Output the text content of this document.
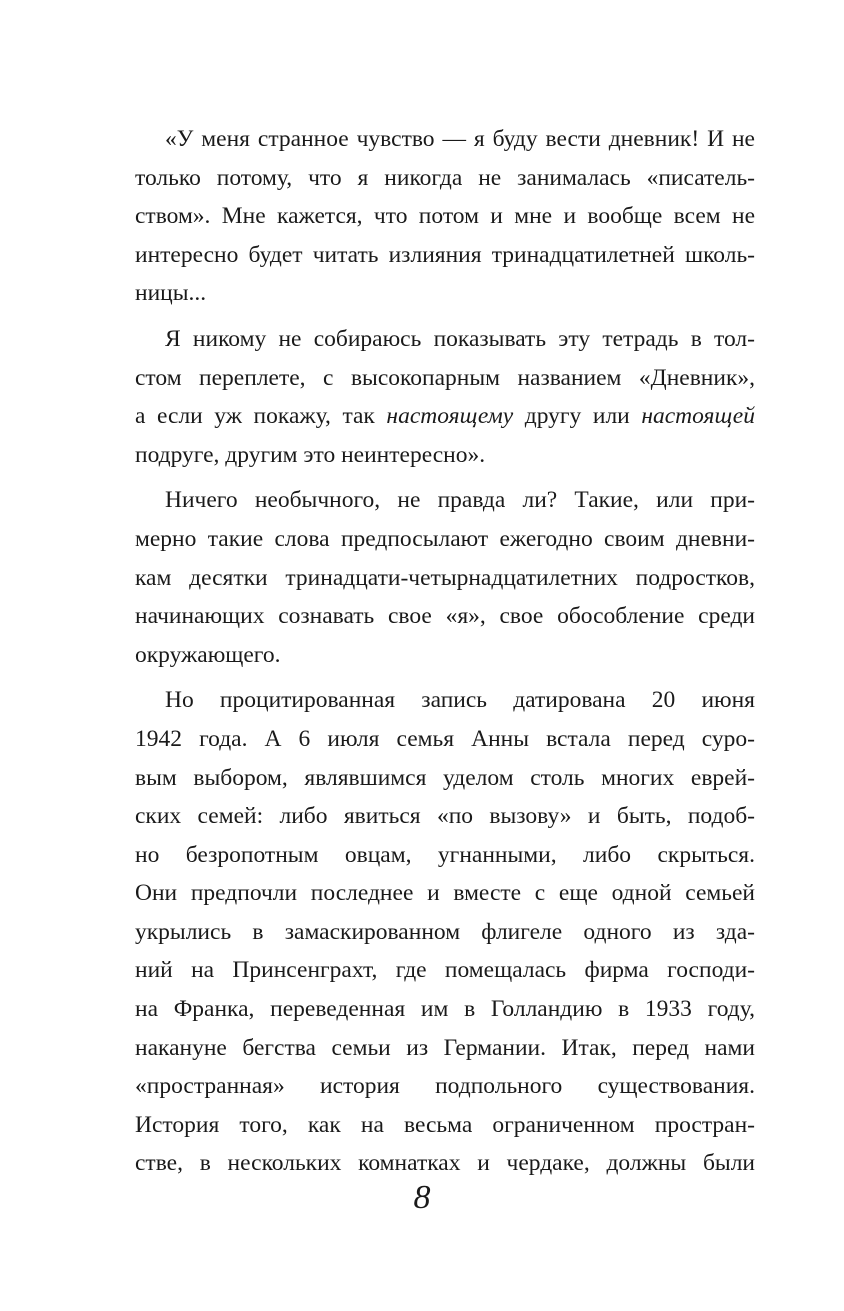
«У меня странное чувство — я буду вести дневник! И не
только потому, что я никогда не занималась «писатель-
ством». Мне кажется, что потом и мне и вообще всем не
интересно будет читать излияния тринадцатилетней школь-
ницы...
Я никому не собираюсь показывать эту тетрадь в тол-
стом переплете, с высокопарным названием «Дневник»,
а если уж покажу, так настоящему другу или настоящей
подруге, другим это неинтересно».
Ничего необычного, не правда ли? Такие, или при-
мерно такие слова предпосылают ежегодно своим дневни-
кам десятки тринадцати-четырнадцатилетних подростков,
начинающих сознавать свое «я», свое обособление среди
окружающего.
Но процитированная запись датирована 20 июня
1942 года. А 6 июля семья Анны встала перед суро-
вым выбором, являвшимся уделом столь многих еврей-
ских семей: либо явиться «по вызову» и быть, подоб-
но безропотным овцам, угнанными, либо скрыться.
Они предпочли последнее и вместе с еще одной семьей
укрылись в замаскированном флигеле одного из зда-
ний на Принсенграхт, где помещалась фирма господи-
на Франка, переведенная им в Голландию в 1933 году,
накануне бегства семьи из Германии. Итак, перед нами
«пространная» история подпольного существования.
История того, как на весьма ограниченном простран-
стве, в нескольких комнатках и чердаке, должны были
8
